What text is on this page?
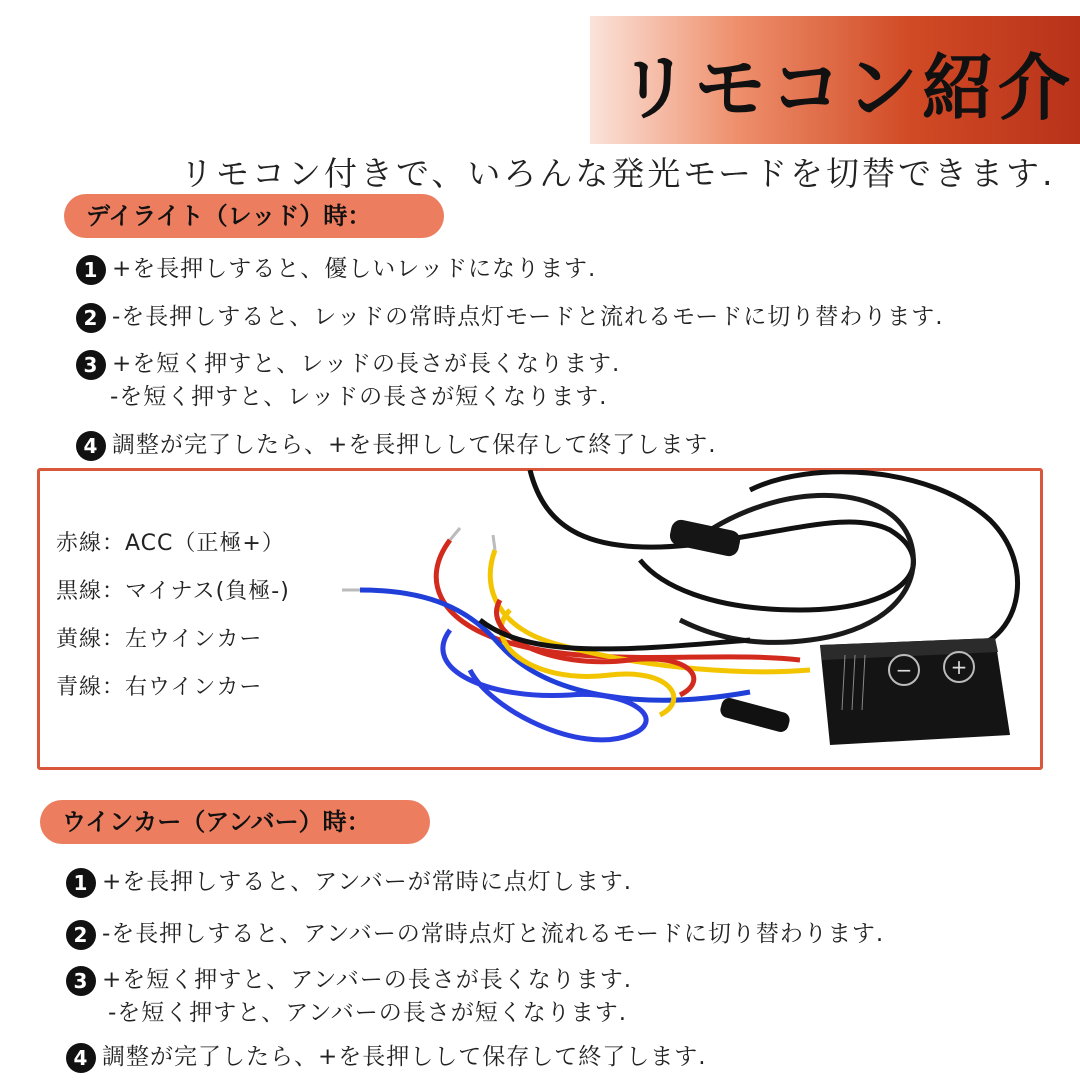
リモコン紹介
リモコン付きで、いろんな発光モードを切替できます.
デイライト（レッド）時：
1 +を長押しすると、優しいレッドになります.
2 -を長押しすると、レッドの常時点灯モードと流れるモードに切り替わります.
3 +を短く押すと、レッドの長さが長くなります.
-を短く押すと、レッドの長さが短くなります.
4 調整が完了したら、+を長押しして保存して終了します.
赤線：ACC（正極+）
黒線：マイナス(負極-)
黄線：左ウインカー
青線：右ウインカー
− +
ウインカー（アンバー）時：
1 +を長押しすると、アンバーが常時に点灯します.
2 -を長押しすると、アンバーの常時点灯と流れるモードに切り替わります.
3 +を短く押すと、アンバーの長さが長くなります.
-を短く押すと、アンバーの長さが短くなります.
4 調整が完了したら、+を長押しして保存して終了します.
